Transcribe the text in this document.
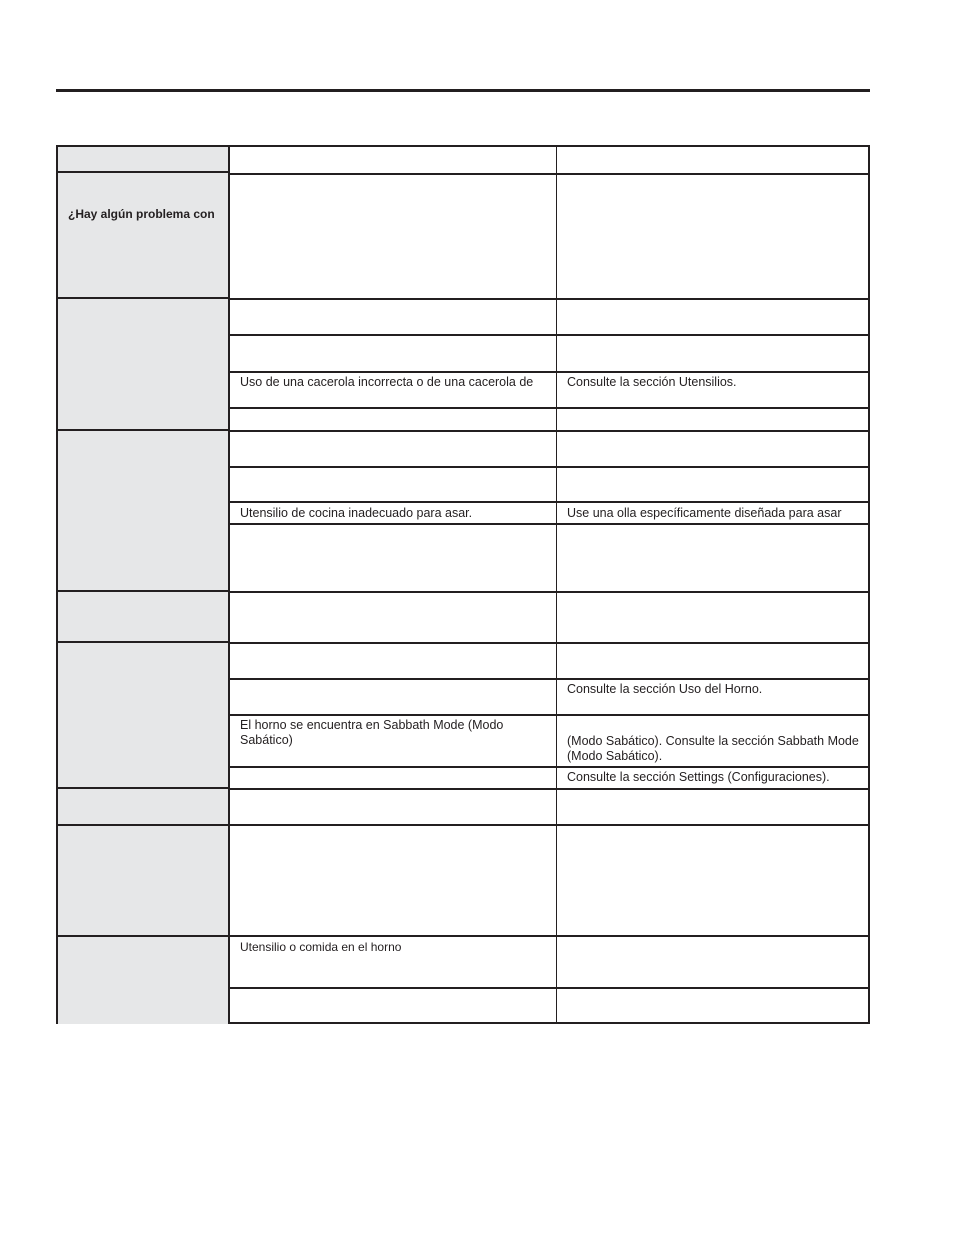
¿Hay algún problema con
Uso de una cacerola incorrecta o de una cacerola de
Utensilio de cocina inadecuado para asar.
El horno se encuentra en Sabbath Mode (Modo Sabático)
Utensilio o comida en el horno
Consulte la sección Utensilios.
Use una olla específicamente diseñada para asar
Consulte la sección Uso del Horno.
(Modo Sabático). Consulte la sección Sabbath Mode (Modo Sabático).
Consulte la sección Settings (Configuraciones).
